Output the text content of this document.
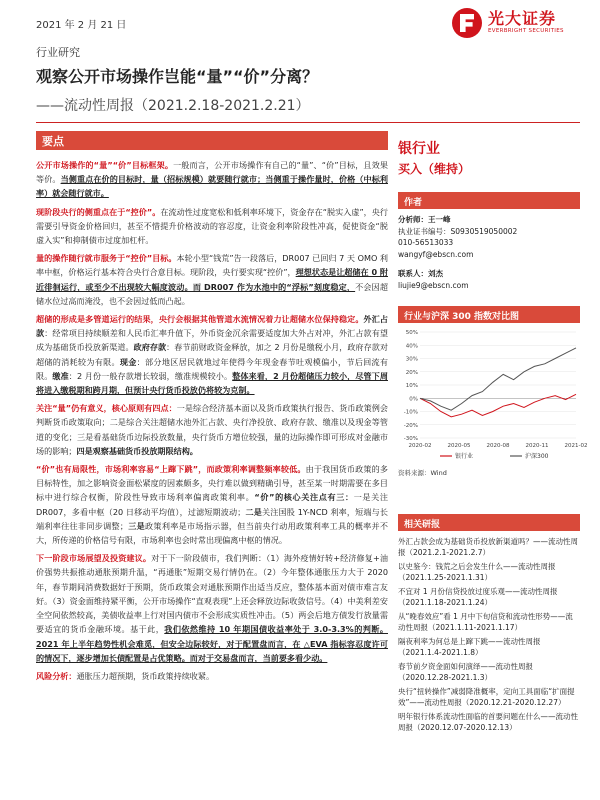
2021 年 2 月 21 日	光大证券
EVERBRIGHT SECURITIES
行业研究
观察公开市场操作岂能“量”“价”分离？
——流动性周报（2021.2.18-2021.2.21）
要点

公开市场操作的“量”“价”目标框架。一般而言，公开市场操作有自己的“量”、“价”目标，且效果等价。当侧重点在价的目标时，量（招标规模）就要随行就市；当侧重于操作量时，价格（中标利率）就会随行就市。

现阶段央行的侧重点在于“控价”。在流动性过度宽松和低利率环境下，资金存在“脱实入虚”，央行需要引导资金价格回归，甚至不惜提升价格波动的容忍度，让资金利率阶段性冲高，促使资金“脱虚入实”和抑制债市过度加杠杆。

量的操作随行就市服务于“控价”目标。本轮小型“钱荒”告一段落后，DR007 已回归 7 天 OMO 利率中枢，价格运行基本符合央行合意目标。现阶段，央行要实现“控价”，理想状态是让超储在 0 附近徘徊运行，或至少不出现较大幅度波动。而 DR007 作为水池中的“浮标”刻度稳定，不会因超储水位过高而淹没，也不会因过低而凸起。

超储的形成是多管道运行的结果，央行会根据其他管道水流情况着力让超储水位保持稳定。外汇占款：经常项目持续顺差和人民币汇率升值下，外币资金沉余需要适度加大外占对冲，外汇占款有望成为基础货币投放新渠道。政府存款：春节前财政资金释放，加之 2 月份是缴税小月，政府存款对超储的消耗较为有限。现金：部分地区居民就地过年使得今年现金春节吐观模偏小，节后回流有限。缴准：2 月份一般存款增长较弱，缴准规模较小。整体来看，2 月份超储压力较小，尽管下周将进入缴税期和跨月期，但预计央行货币投放仍将较为克制。

关注“量”仍有意义，核心原则有四点：一是综合经济基本面以及货币政策执行报告、货币政策例会判断货币政策取向；二是综合关注超储水池外汇占款、央行净投放、政府存款、缴准以及现金等管道的变化；三是看基础货币边际投放数量，央行货币方增位较强，量的边际操作即可形成对金融市场的影响；四是观察基础货币投放期限结构。

“价”也有局限性，市场利率容易“上蹿下跳”，而政策利率调整频率较低。由于我国货币政策的多目标特性，加之影响资金面松紧度的因素颇多，央行难以做到精确引导，甚至某一时期需要在多目标中进行综合权衡，阶段性导致市场利率偏离政策利率。“价”的核心关注点有三：一是关注 DR007，多看中枢（20 日移动平均值），过滤短期波动；二是关注国股 1Y-NCD 利率，短端与长端利率往往非同步调整；三是政策利率是市场指示器，但当前央行动用政策利率工具的概率并不大，所传递的价格信号有限，市场利率也会时常出现偏离中枢的情况。

下一阶段市场展望及投资建议。对于下一阶段债市，我们判断：（1）海外疫情好转+经济修复+油价强势共振推动通胀预期升温，“再通胀”短期交易行情仍在。（2）今年整体通胀压力大于 2020 年，春节期间消费数据好于预期，货币政策会对通胀预期作出适当反应，整体基本面对债市难言友好。（3）资金面维持紧平衡，公开市场操作“直观表现”上还会释放边际收敛信号。（4）中美利差安全空间依然较高，美债收益率上行对国内债市不会形成实质性冲击。（5）两会后地方债发行放量需要适宜的货币金融环境。基于此，我们依然维持 10 年期国债收益率处于 3.0-3.3%的判断。2021 年上半年趋势性机会难觅，但安全边际较好，对于配置盘而言，在 △EVA 指标容忍度许可的情况下，逐步增加长债配置是占优策略。而对于交易盘而言，当前要多看少动。

风险分析：通胀压力超预期，货币政策持续收紧。

银行业
买入（维持）
作者
分析师：王一峰
执业证书编号：S0930519050002
010-56513033
wangyf@ebscn.com
联系人：刘杰
liujie9@ebscn.com
行业与沪深 300 指数对比图
-30%
-20%
-10%
0%
10%
20%
30%
40%
50%
2020-02	2020-05	2020-08	2020-11	2021-02
银行业	沪深300
资料来源：Wind
相关研报
外汇占款会成为基础货币投放新渠道吗？——流动性周报（2021.2.1-2021.2.7）
以史鉴今：钱荒之后会发生什么——流动性周报（2021.1.25-2021.1.31）
不宜对 1 月份信贷投放过度乐观——流动性周报（2021.1.18-2021.1.24）
从“晚春效应”看 1 月中下旬信贷和流动性形势——流动性周报（2021.1.11-2021.1.17）
隔夜利率为何总是上蹿下跳——流动性周报（2021.1.4-2021.1.8）
春节前夕资金面如何演绎——流动性周报（2020.12.28-2021.1.3）
央行“扭转操作”减弱降准概率，定向工具面临“扩面提效”——流动性周报（2020.12.21-2020.12.27）
明年银行体系流动性面临的首要问题在什么——流动性周报（2020.12.07-2020.12.13）
